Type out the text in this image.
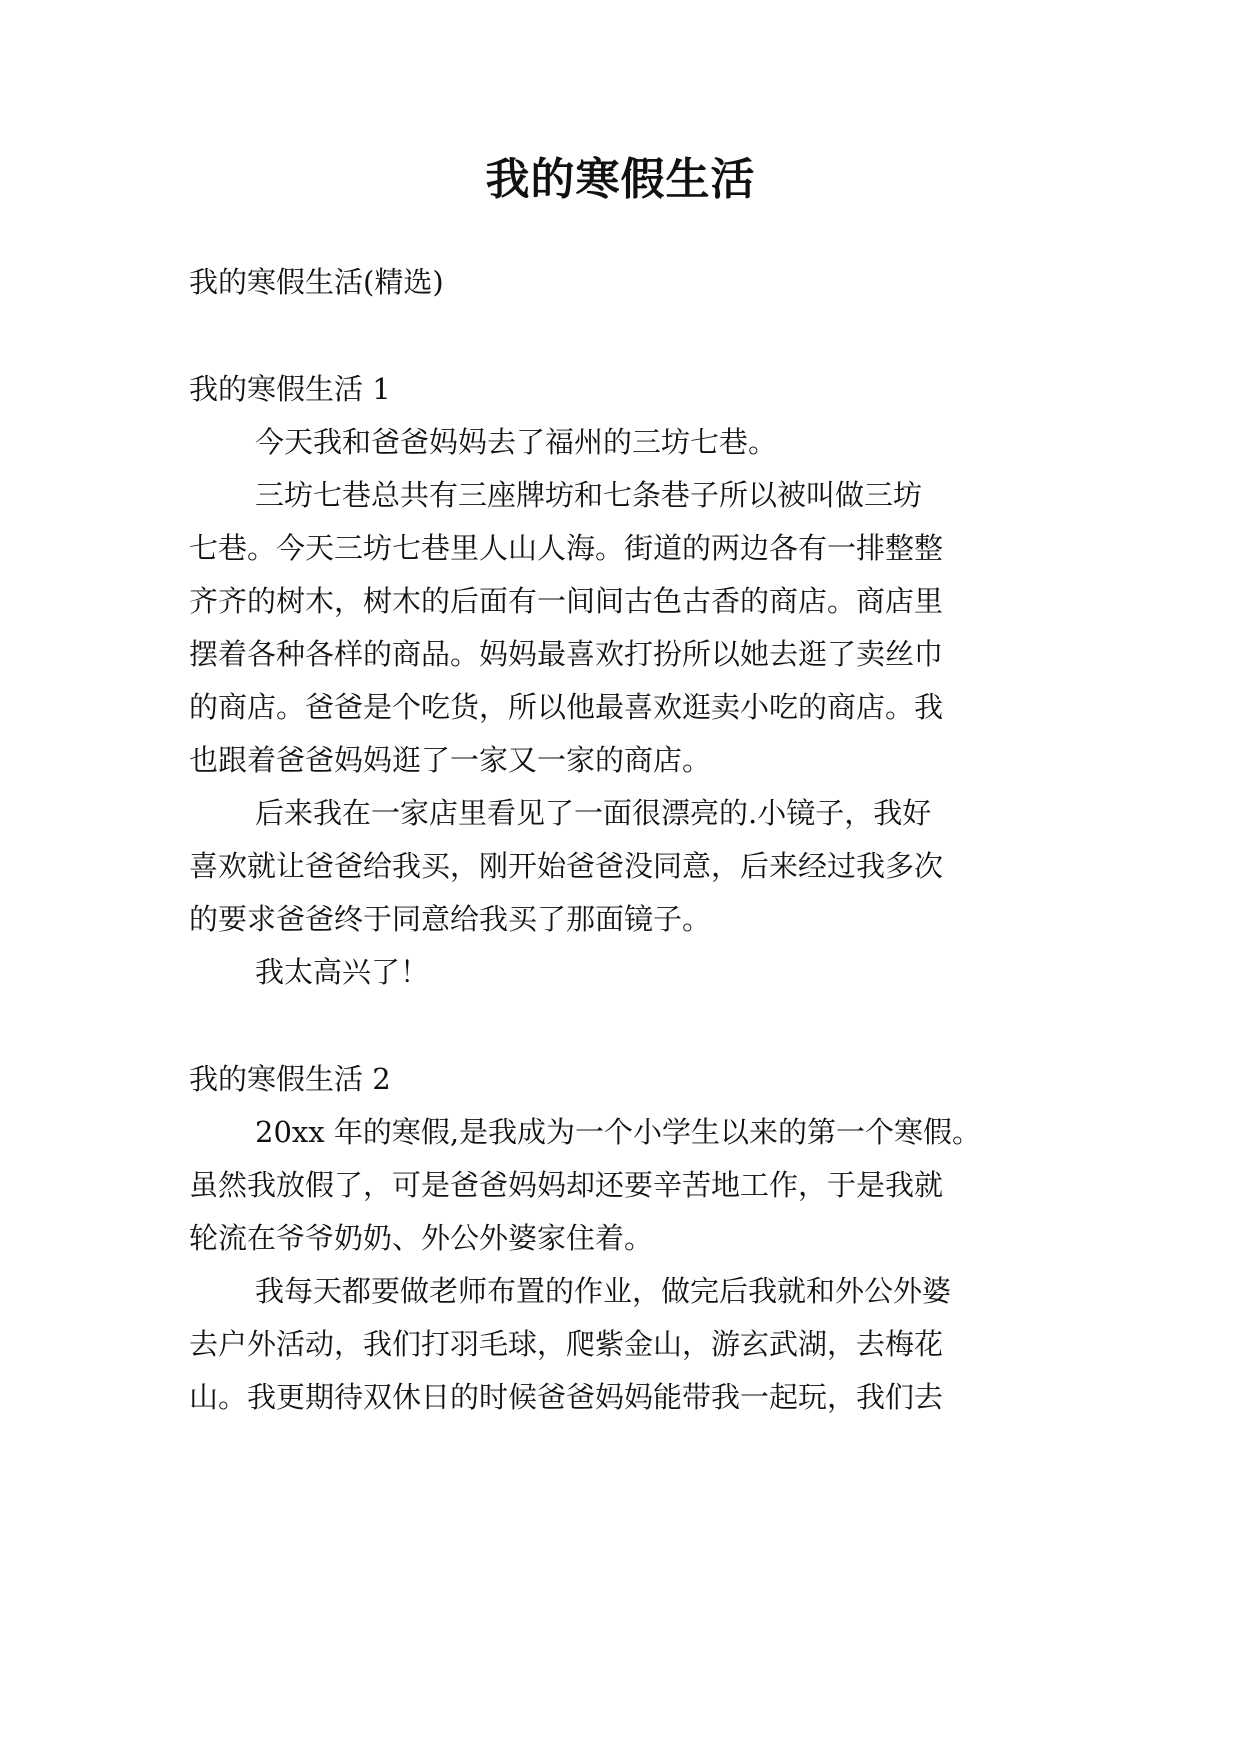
我的寒假生活
我的寒假生活(精选)
我的寒假生活 1
今天我和爸爸妈妈去了福州的三坊七巷。
三坊七巷总共有三座牌坊和七条巷子所以被叫做三坊
七巷。今天三坊七巷里人山人海。街道的两边各有一排整整
齐齐的树木，树木的后面有一间间古色古香的商店。商店里
摆着各种各样的商品。妈妈最喜欢打扮所以她去逛了卖丝巾
的商店。爸爸是个吃货，所以他最喜欢逛卖小吃的商店。我
也跟着爸爸妈妈逛了一家又一家的商店。
后来我在一家店里看见了一面很漂亮的.小镜子，我好
喜欢就让爸爸给我买，刚开始爸爸没同意，后来经过我多次
的要求爸爸终于同意给我买了那面镜子。
我太高兴了！
我的寒假生活 2
20xx 年的寒假,是我成为一个小学生以来的第一个寒假。
虽然我放假了，可是爸爸妈妈却还要辛苦地工作，于是我就
轮流在爷爷奶奶、外公外婆家住着。
我每天都要做老师布置的作业，做完后我就和外公外婆
去户外活动，我们打羽毛球，爬紫金山，游玄武湖，去梅花
山。我更期待双休日的时候爸爸妈妈能带我一起玩，我们去
